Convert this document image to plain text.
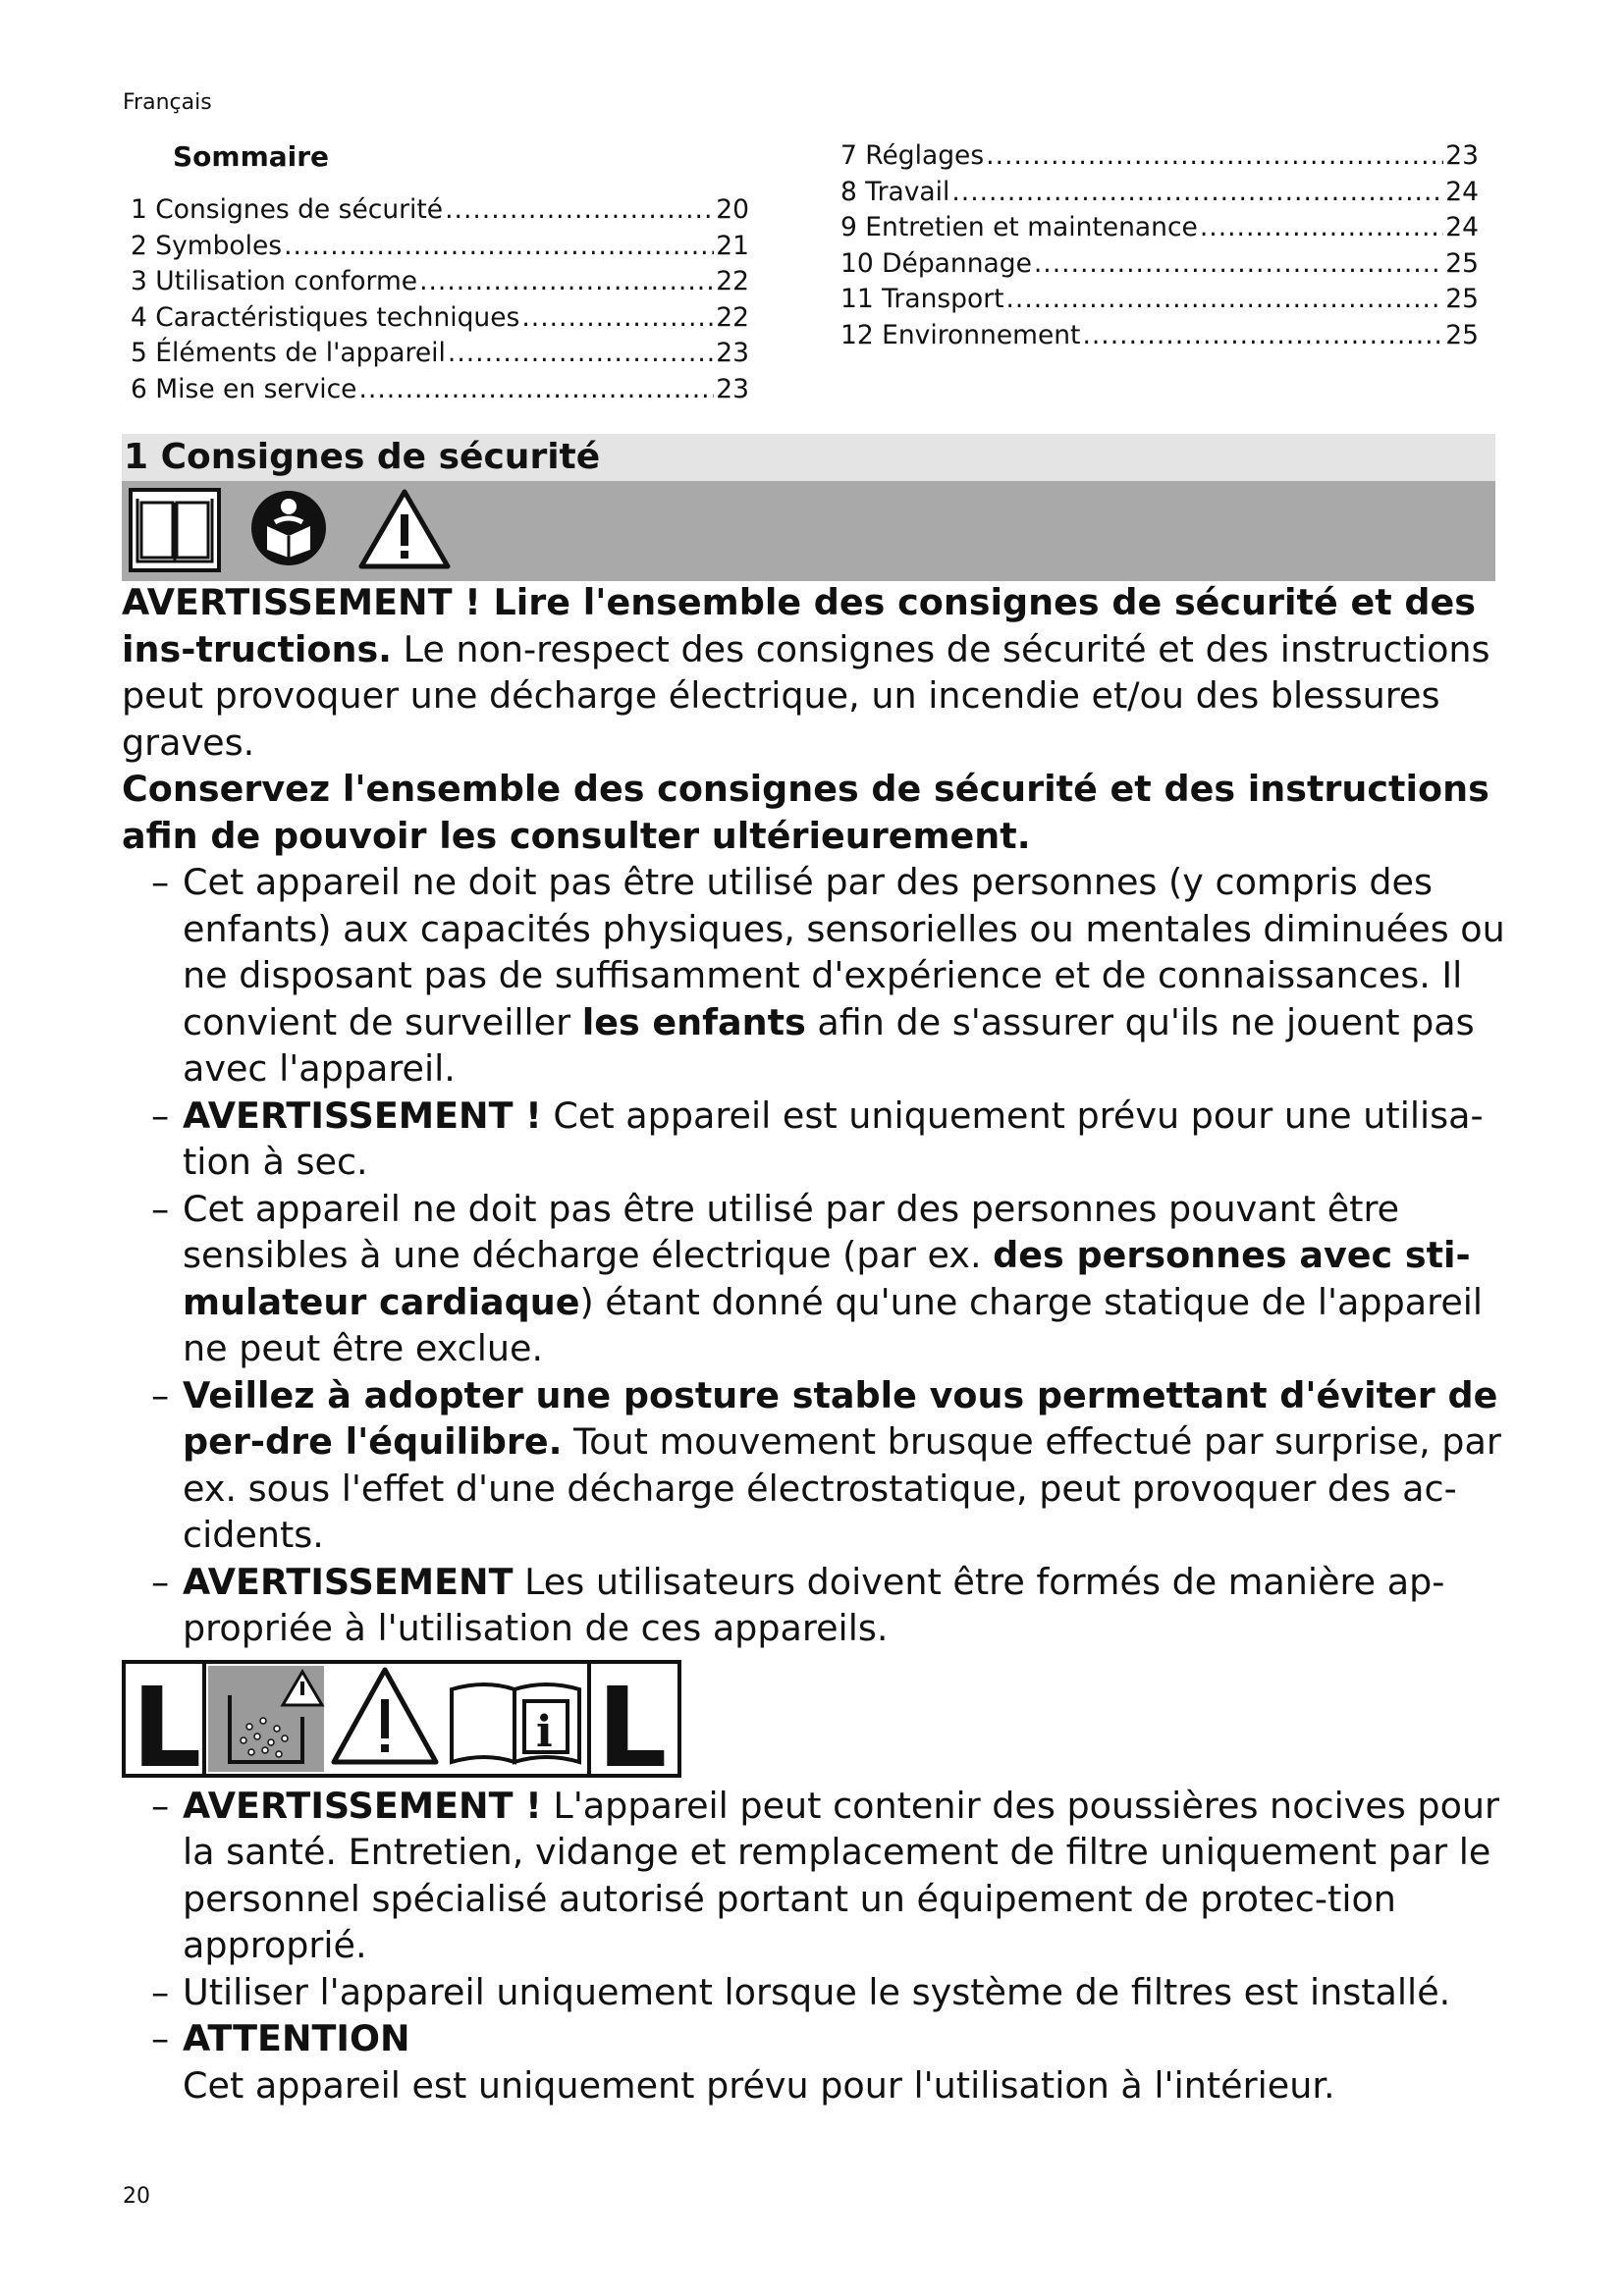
Français
Sommaire
1 Consignes de sécurité .....	20
2 Symboles .....	21
3 Utilisation conforme .....	22
4 Caractéristiques techniques .....	22
5 Éléments de l'appareil .....	23
6 Mise en service .....	23
7 Réglages .....	23
8 Travail .....	24
9 Entretien et maintenance .....	24
10 Dépannage .....	25
11 Transport .....	25
12 Environnement .....	25
1 Consignes de sécurité

AVERTISSEMENT ! Lire l'ensemble des consignes de sécurité et des ins-tructions. Le non-respect des consignes de sécurité et des instructions peut provoquer une décharge électrique, un incendie et/ou des blessures graves.

Conservez l'ensemble des consignes de sécurité et des instructions afin de pouvoir les consulter ultérieurement.

– Cet appareil ne doit pas être utilisé par des personnes (y compris des enfants) aux capacités physiques, sensorielles ou mentales diminuées ou ne disposant pas de suffisamment d'expérience et de connaissances. Il convient de surveiller les enfants afin de s'assurer qu'ils ne jouent pas avec l'appareil.

– AVERTISSEMENT ! Cet appareil est uniquement prévu pour une utilisa-tion à sec.

– Cet appareil ne doit pas être utilisé par des personnes pouvant être sensibles à une décharge électrique (par ex. des personnes avec sti-mulateur cardiaque) étant donné qu'une charge statique de l'appareil ne peut être exclue.

– Veillez à adopter une posture stable vous permettant d'éviter de per-dre l'équilibre. Tout mouvement brusque effectué par surprise, par ex. sous l'effet d'une décharge électrostatique, peut provoquer des ac-cidents.

– AVERTISSEMENT Les utilisateurs doivent être formés de manière ap-propriée à l'utilisation de ces appareils.

L	L
i

– AVERTISSEMENT ! L'appareil peut contenir des poussières nocives pour la santé. Entretien, vidange et remplacement de filtre uniquement par le personnel spécialisé autorisé portant un équipement de protec-tion approprié.

– Utiliser l'appareil uniquement lorsque le système de filtres est installé.

– ATTENTION

Cet appareil est uniquement prévu pour l'utilisation à l'intérieur.

20
